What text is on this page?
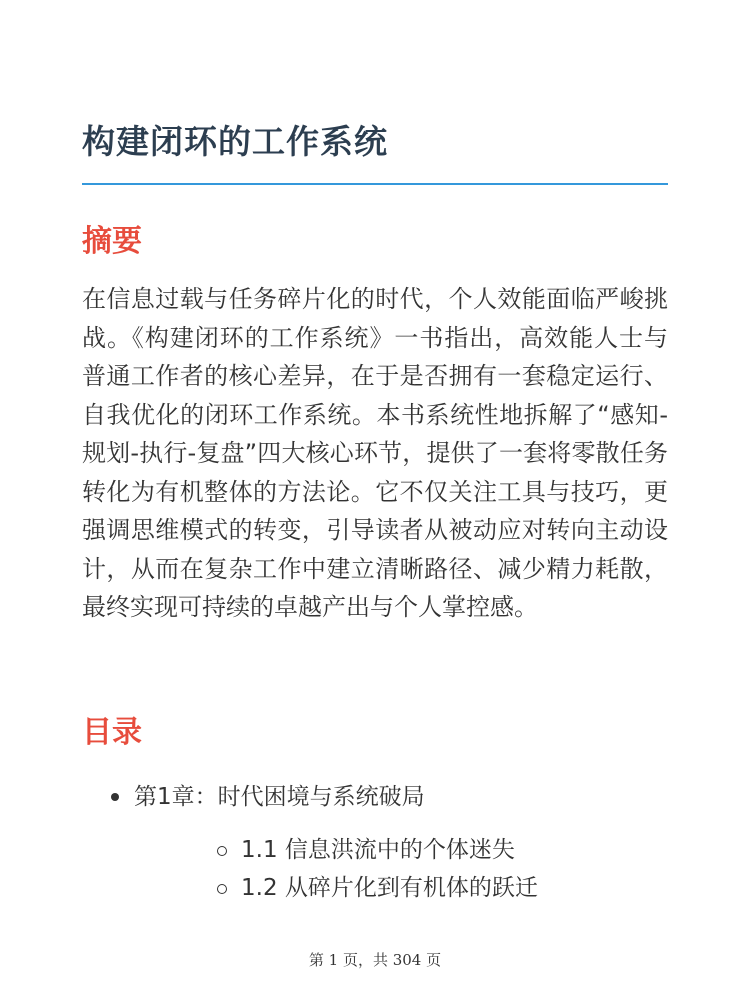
构建闭环的工作系统
摘要

在信息过载与任务碎片化的时代，个人效能面临严峻挑战。《构建闭环的工作系统》一书指出，高效能人士与普通工作者的核心差异，在于是否拥有一套稳定运行、自我优化的闭环工作系统。本书系统性地拆解了“感知-规划-执行-复盘”四大核心环节，提供了一套将零散任务转化为有机整体的方法论。它不仅关注工具与技巧，更强调思维模式的转变，引导读者从被动应对转向主动设计，从而在复杂工作中建立清晰路径、减少精力耗散，最终实现可持续的卓越产出与个人掌控感。

目录
第1章：时代困境与系统破局
1.1 信息洪流中的个体迷失
1.2 从碎片化到有机体的跃迁
第 1 页，共 304 页
